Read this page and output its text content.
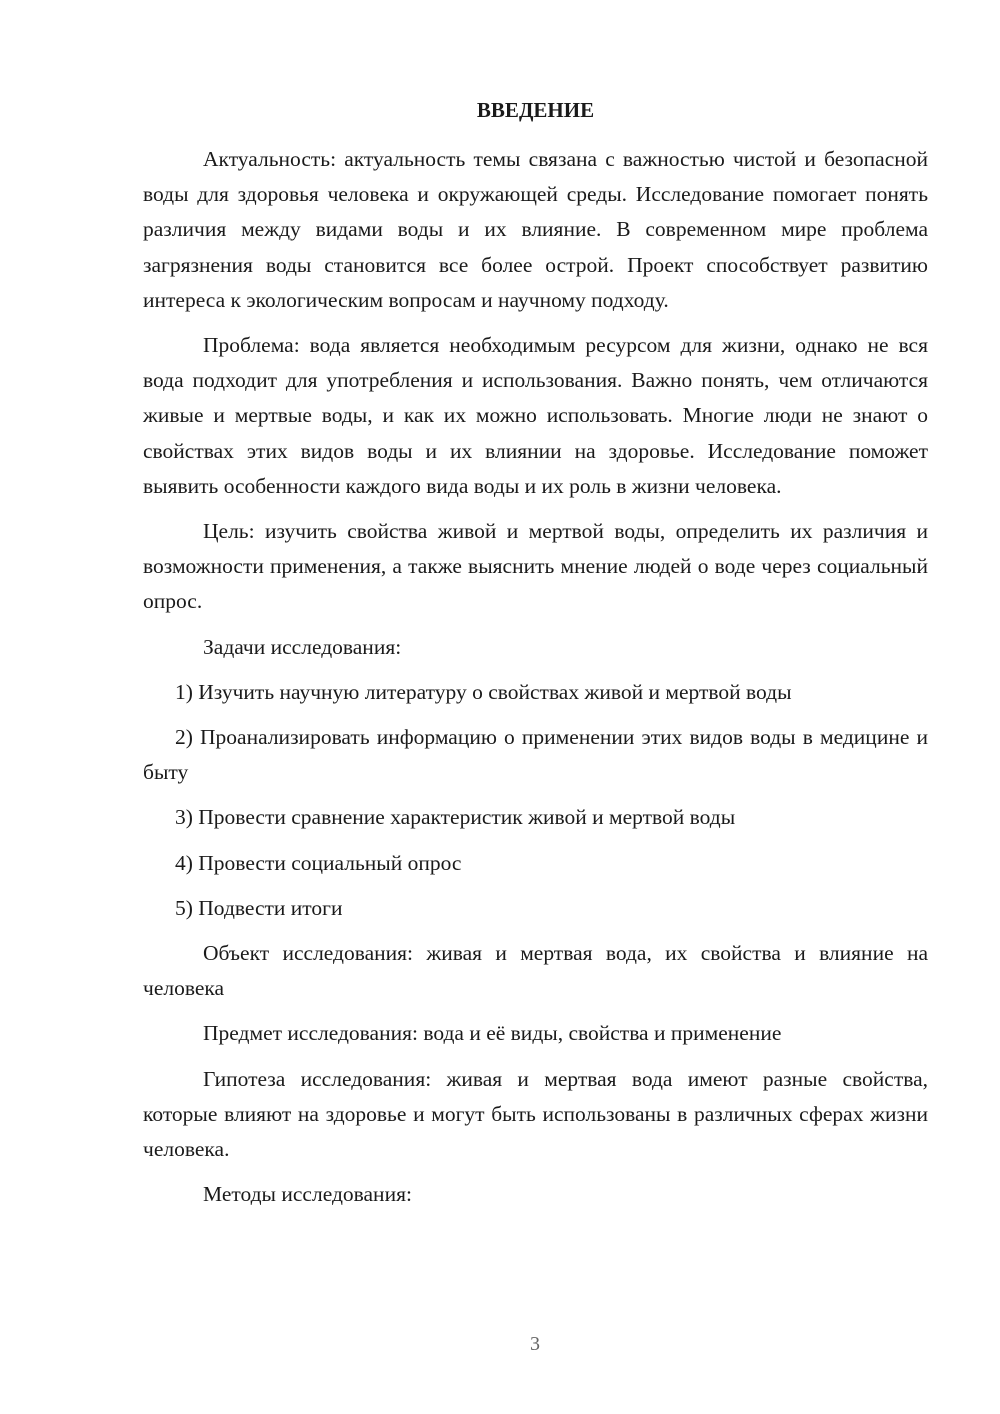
ВВЕДЕНИЕ

Актуальность: актуальность темы связана с важностью чистой и безопасной воды для здоровья человека и окружающей среды. Исследование помогает понять различия между видами воды и их влияние. В современном мире проблема загрязнения воды становится все более острой. Проект способствует развитию интереса к экологическим вопросам и научному подходу.

Проблема: вода является необходимым ресурсом для жизни, однако не вся вода подходит для употребления и использования. Важно понять, чем отличаются живые и мертвые воды, и как их можно использовать. Многие люди не знают о свойствах этих видов воды и их влиянии на здоровье. Исследование поможет выявить особенности каждого вида воды и их роль в жизни человека.

Цель: изучить свойства живой и мертвой воды, определить их различия и возможности применения, а также выяснить мнение людей о воде через социальный опрос.

Задачи исследования:

1) Изучить научную литературу о свойствах живой и мертвой воды

2) Проанализировать информацию о применении этих видов воды в медицине и быту

3) Провести сравнение характеристик живой и мертвой воды

4) Провести социальный опрос

5) Подвести итоги

Объект исследования: живая и мертвая вода, их свойства и влияние на человека

Предмет исследования: вода и её виды, свойства и применение

Гипотеза исследования: живая и мертвая вода имеют разные свойства, которые влияют на здоровье и могут быть использованы в различных сферах жизни человека.

Методы исследования:

3
